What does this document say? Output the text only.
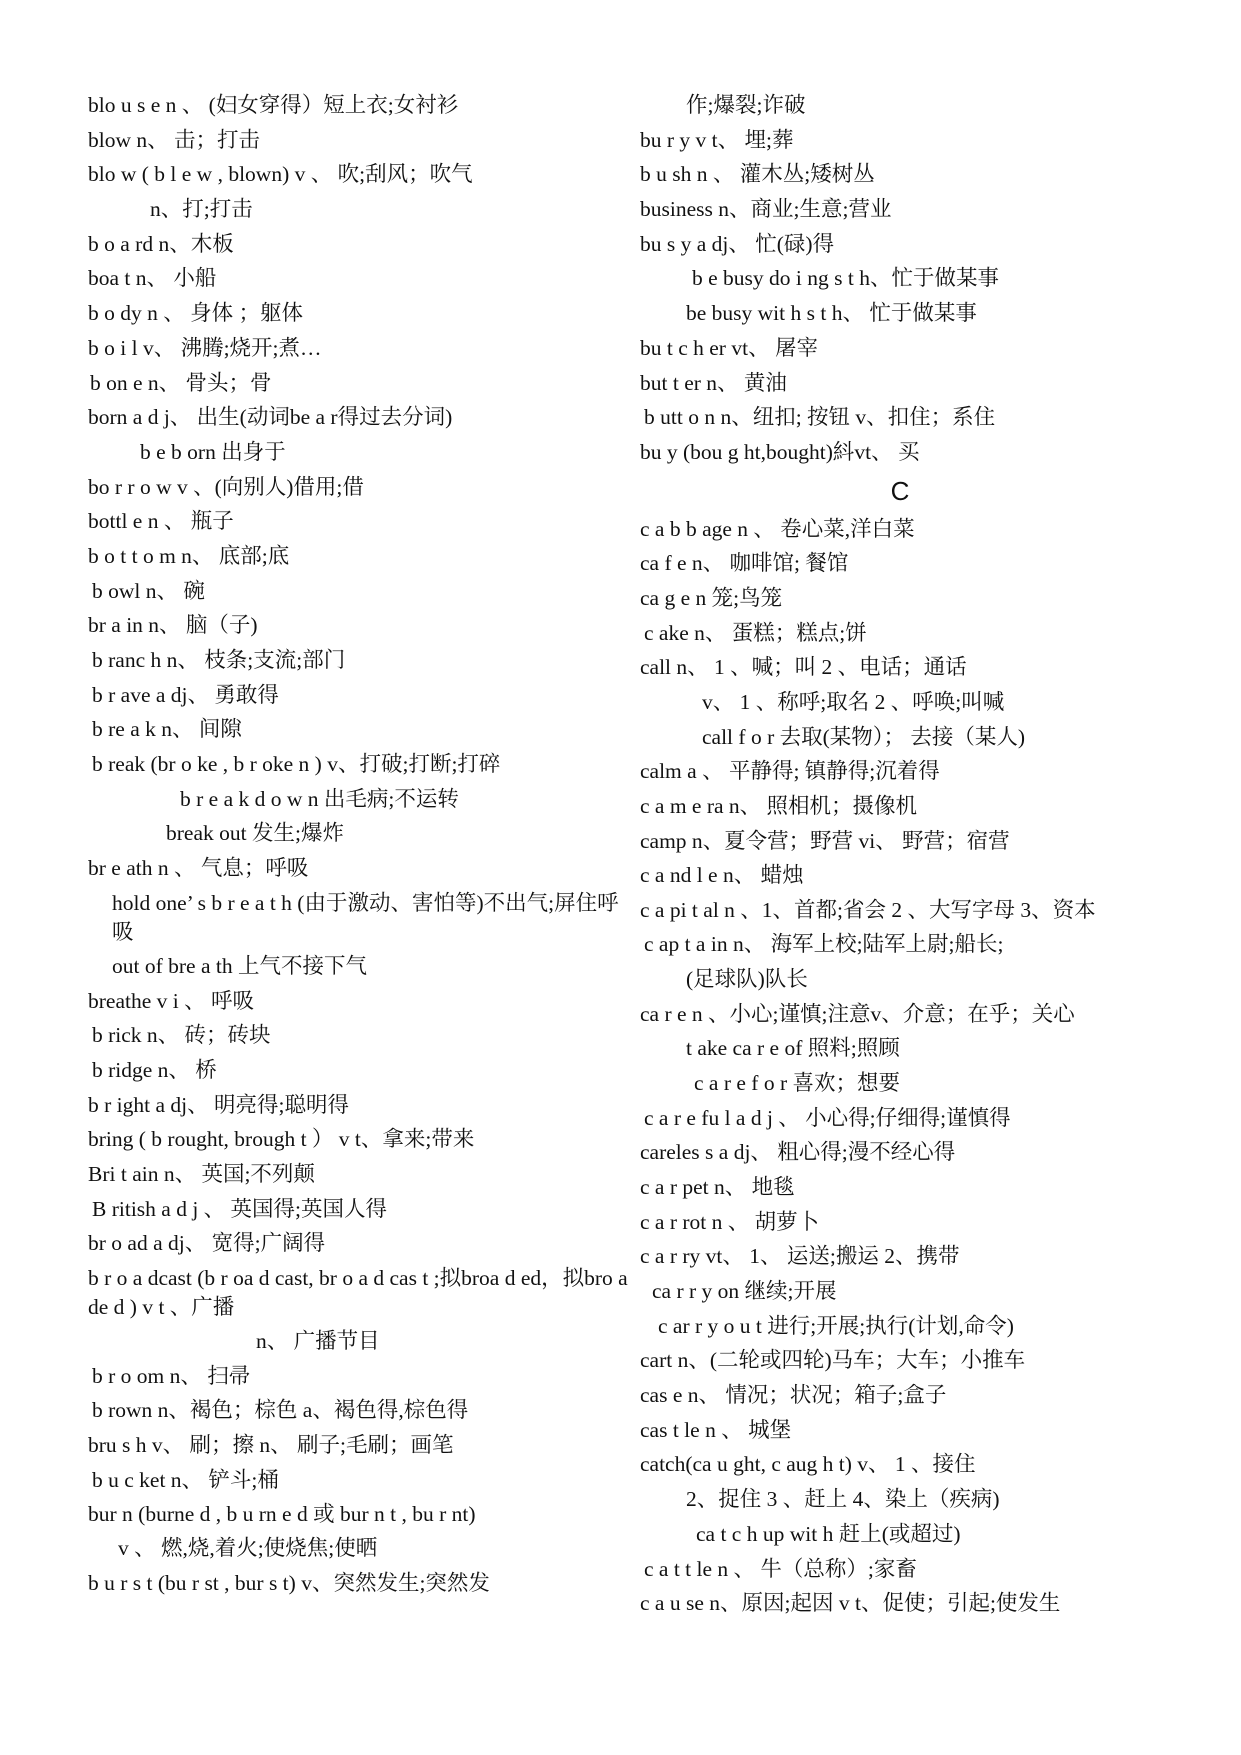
blo u s e n 、 (妇女穿得）短上衣;女衬衫
blow n、 击；打击
blo w ( b l e w , blown) v 、 吹;刮风；吹气
n、打;打击
b o a rd n、木板
boa t n、 小船
b o dy n 、 身体 ；躯体
b o i l v、 沸腾;烧开;煮…
b on e n、 骨头；骨
born a d j、 出生(动词be a r得过去分词)
b e b orn 出身于
bo r r o w v 、(向别人)借用;借
bottl e n 、 瓶子
b o t t o m n、 底部;底
b owl n、 碗
br a in n、 脑（子)
b ranc h n、 枝条;支流;部门
b r ave a dj、 勇敢得
b re a k n、 间隙
b reak (br o ke , b r oke n ) v、打破;打断;打碎
b r e a k d o w n 出毛病;不运转
break out 发生;爆炸
br e ath n 、 气息；呼吸
hold one’ s b r e a t h (由于激动、害怕等)不出气;屏住呼吸
out of bre a th 上气不接下气
breathe v i 、 呼吸
b rick n、 砖；砖块
b ridge n、 桥
b r ight a dj、 明亮得;聪明得
bring ( b rought, brough t ） v t、拿来;带来
Bri t ain n、 英国;不列颠
B ritish a d j 、 英国得;英国人得
br o ad a dj、 宽得;广阔得
b r o a dcast (b r oa d cast, br o a d cas t ;拟broa d ed，拟bro a de d ) v t 、广播
n、 广播节目
b r o om n、 扫帚
b rown n、褐色；棕色 a、褐色得,棕色得
bru s h v、 刷；擦 n、 刷子;毛刷；画笔
b u c ket n、 铲斗;桶
bur n (burne d , b u rn e d 或 bur n t , bu r nt)
v 、 燃,烧,着火;使烧焦;使晒
b u r s t (bu r st , bur s t) v、突然发生;突然发
作;爆裂;诈破
bu r y v t、 埋;葬
b u sh n 、 灌木丛;矮树丛
business n、商业;生意;营业
bu s y a dj、 忙(碌)得
b e busy do i ng s t h、忙于做某事
be busy wit h s t h、 忙于做某事
bu t c h er vt、 屠宰
but t er n、 黄油
b utt o n n、纽扣; 按钮 v、扣住；系住
bu y (bou g ht,bought)紏vt、 买
C
c a b b age n 、 卷心菜,洋白菜
ca f e n、 咖啡馆; 餐馆
ca g e n 笼;鸟笼
c ake n、 蛋糕；糕点;饼
call n、 1 、喊；叫 2 、电话；通话
v、 1 、称呼;取名 2 、呼唤;叫喊
call f o r 去取(某物）； 去接（某人)
calm a 、 平静得; 镇静得;沉着得
c a m e ra n、 照相机；摄像机
camp n、夏令营；野营 vi、 野营；宿营
c a nd l e n、 蜡烛
c a pi t al n 、1、首都;省会 2 、大写字母 3、资本
c ap t a in n、 海军上校;陆军上尉;船长;
(足球队)队长
ca r e n 、小心;谨慎;注意v、介意；在乎；关心
t ake ca r e of 照料;照顾
c a r e f o r 喜欢；想要
c a r e fu l a d j 、 小心得;仔细得;谨慎得
careles s a dj、 粗心得;漫不经心得
c a r pet n、 地毯
c a r rot n 、 胡萝卜
c a r ry vt、 1、 运送;搬运 2、携带
ca r r y on 继续;开展
c ar r y o u t 进行;开展;执行(计划,命令)
cart n、(二轮或四轮)马车；大车；小推车
cas e n、 情况；状况；箱子;盒子
cas t le n 、 城堡
catch(ca u ght, c aug h t) v、 1 、接住
2、捉住 3 、赶上 4、染上（疾病)
ca t c h up wit h 赶上(或超过)
c a t t le n 、 牛（总称）;家畜
c a u se n、原因;起因 v t、促使；引起;使发生
